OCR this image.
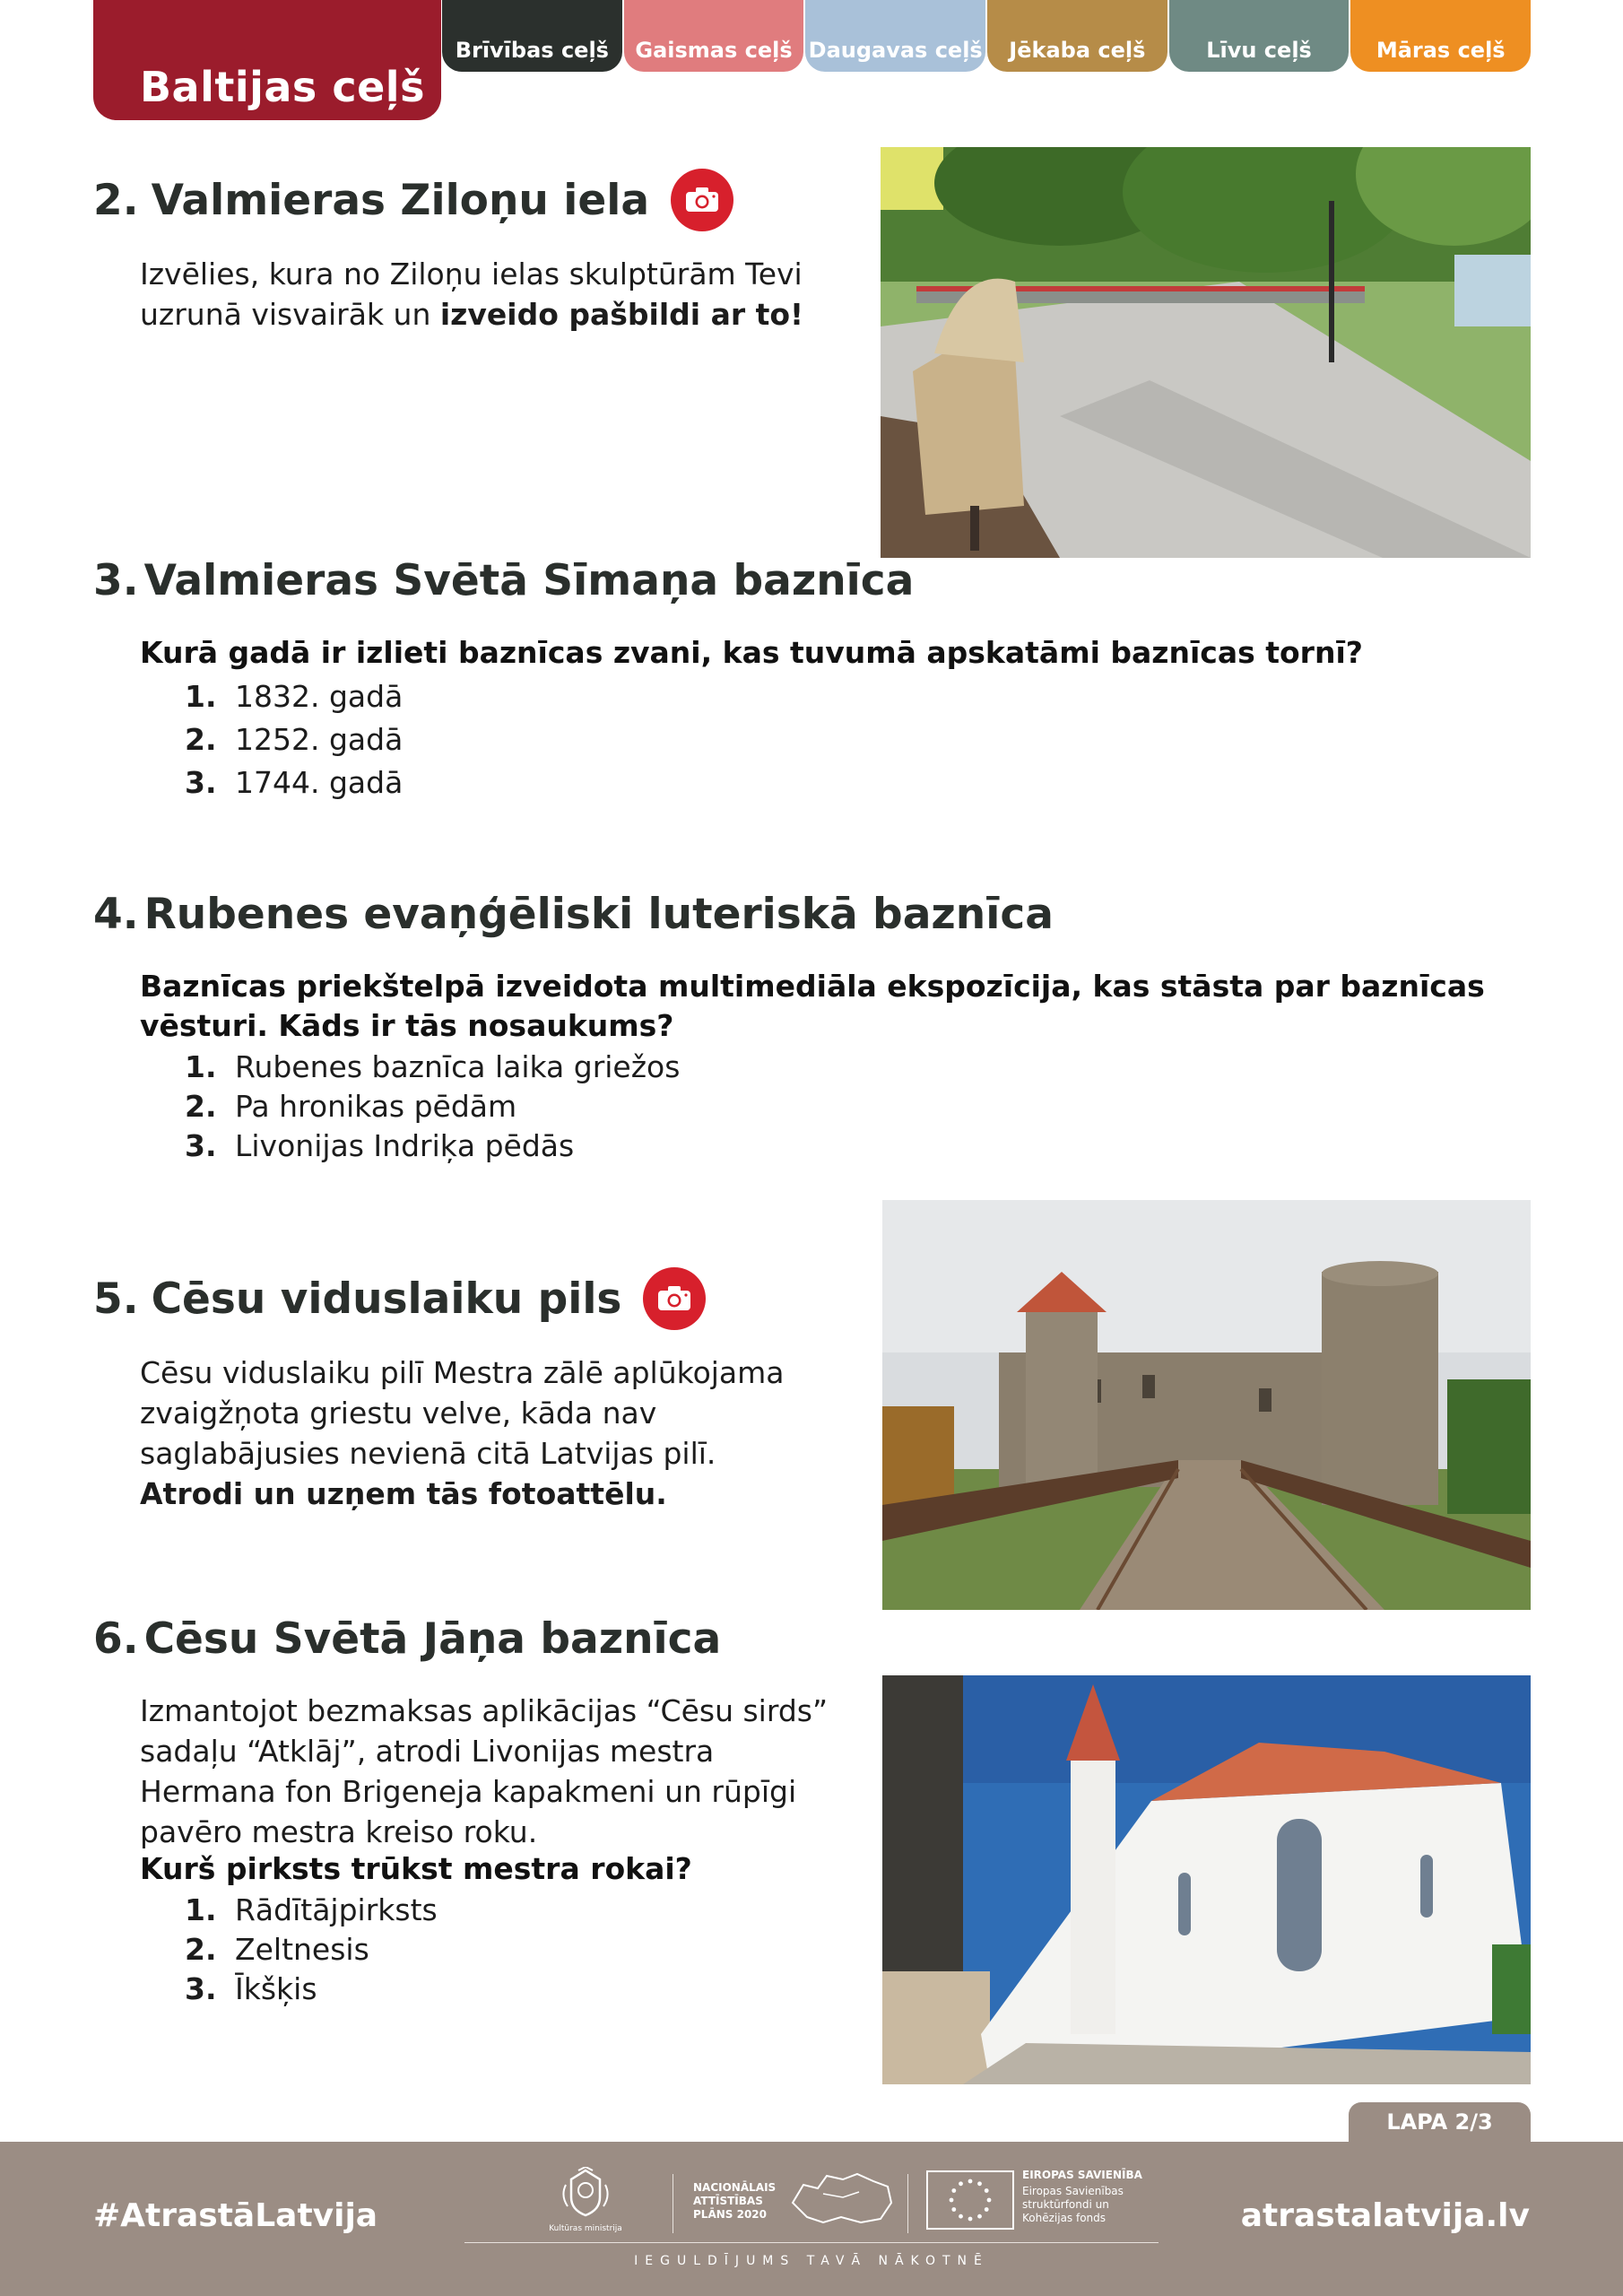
Baltijas ceļš
Brīvības ceļš	Gaismas ceļš Daugavas ceļš	Jēkaba ceļš	Līvu ceļš	Māras ceļš
2. Valmieras Ziloņu iela
Izvēlies, kura no Ziloņu ielas skulptūrām Tevi uzrunā visvairāk un izveido pašbildi ar to!
3. Valmieras Svētā Sīmaņa baznīca
Kurā gadā ir izlieti baznīcas zvani, kas tuvumā apskatāmi baznīcas tornī?
1. 1832. gadā
2. 1252. gadā
3. 1744. gadā
4. Rubenes evaņģēliski luteriskā baznīca
Baznīcas priekštelpā izveidota multimediāla ekspozīcija, kas stāsta par baznīcas vēsturi. Kāds ir tās nosaukums?
1. Rubenes baznīca laika griežos
2. Pa hronikas pēdām
3. Livonijas Indriķa pēdās
5. Cēsu viduslaiku pils
Cēsu viduslaiku pilī Mestra zālē aplūkojama zvaigžņota griestu velve, kāda nav saglabājusies nevienā citā Latvijas pilī.
Atrodi un uzņem tās fotoattēlu.
6. Cēsu Svētā Jāņa baznīca
Izmantojot bezmaksas aplikācijas “Cēsu sirds” sadaļu “Atklāj”, atrodi Livonijas mestra Hermana fon Brigeneja kapakmeni un rūpīgi pavēro mestra kreiso roku.
Kurš pirksts trūkst mestra rokai?
1. Rādītājpirksts
2. Zeltnesis
3. Īkšķis
LAPA 2/3
#AtrastāLatvija	Kultūras ministrija
NACIONĀLAIS
ATTĪSTĪBAS
PLĀNS 2020
EIROPAS SAVIENĪBA
Eiropas Savienības
struktūrfondi un
Kohēzijas fonds
IEGULDĪJUMS TAVĀ NĀKOTNĒ
atrastalatvija.lv
